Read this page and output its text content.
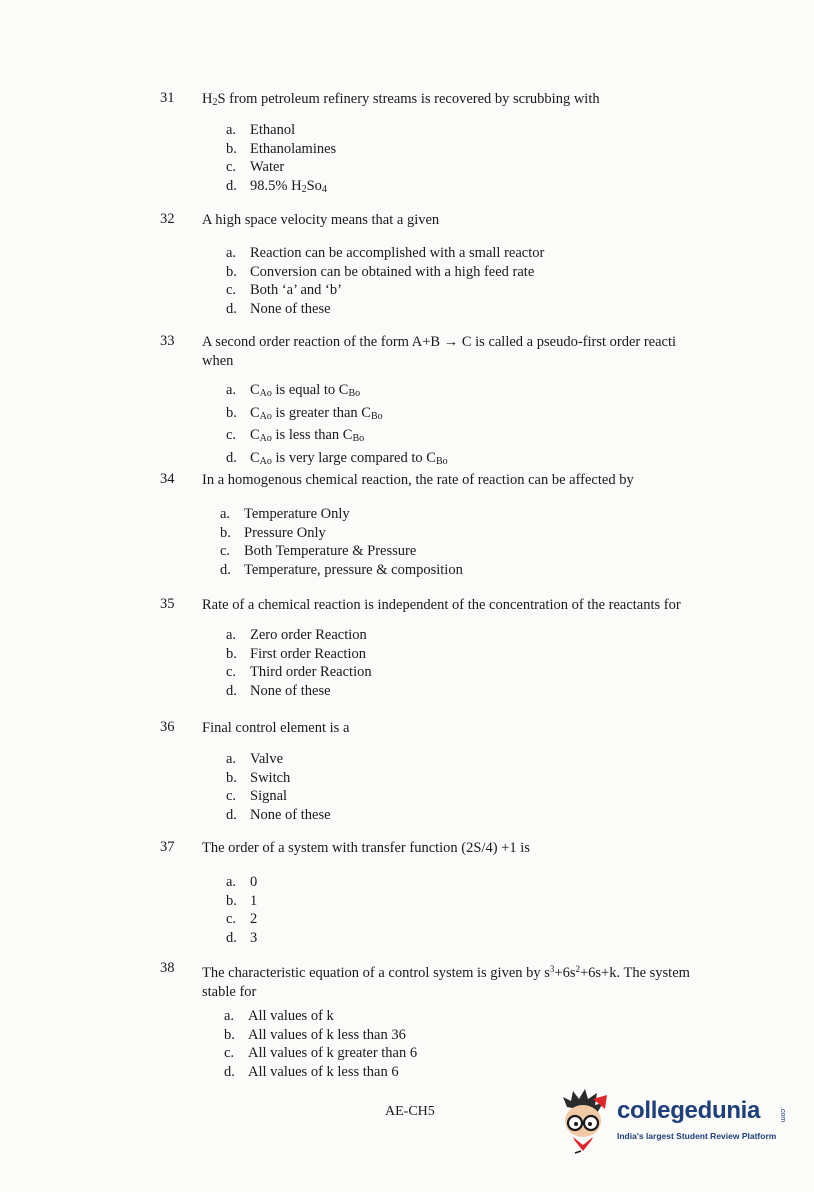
31 $H_2S$ from petroleum refinery streams is recovered by scrubbing with
a. Ethanol
b. Ethanolamines
c. Water
d. 98.5% $H_2So_4$
32 A high space velocity means that a given
a. Reaction can be accomplished with a small reactor
b. Conversion can be obtained with a high feed rate
c. Both ‘a’ and ‘b’
d. None of these
33 A second order reaction of the form A+B → C is called a pseudo-first order reacti
when
a. $C_{Ao}$ is equal to $C_{Bo}$
b. $C_{Ao}$ is greater than $C_{Bo}$
c. $C_{Ao}$ is less than $C_{Bo}$
d. $C_{Ao}$ is very large compared to $C_{Bo}$
34 In a homogenous chemical reaction, the rate of reaction can be affected by
a. Temperature Only
b. Pressure Only
c. Both Temperature & Pressure
d. Temperature, pressure & composition
35 Rate of a chemical reaction is independent of the concentration of the reactants for
a. Zero order Reaction
b. First order Reaction
c. Third order Reaction
d. None of these
36 Final control element is a
a. Valve
b. Switch
c. Signal
d. None of these
37 The order of a system with transfer function (2S/4) +1 is
a. 0
b. 1
c. 2
d. 3
38 The characteristic equation of a control system is given by $s^3+6s^2+6s+k$. The system
stable for
a. All values of k
b. All values of k less than 36
c. All values of k greater than 6
d. All values of k less than 6
AE-CH5	collegedunia	.com
India's largest Student Review Platform
